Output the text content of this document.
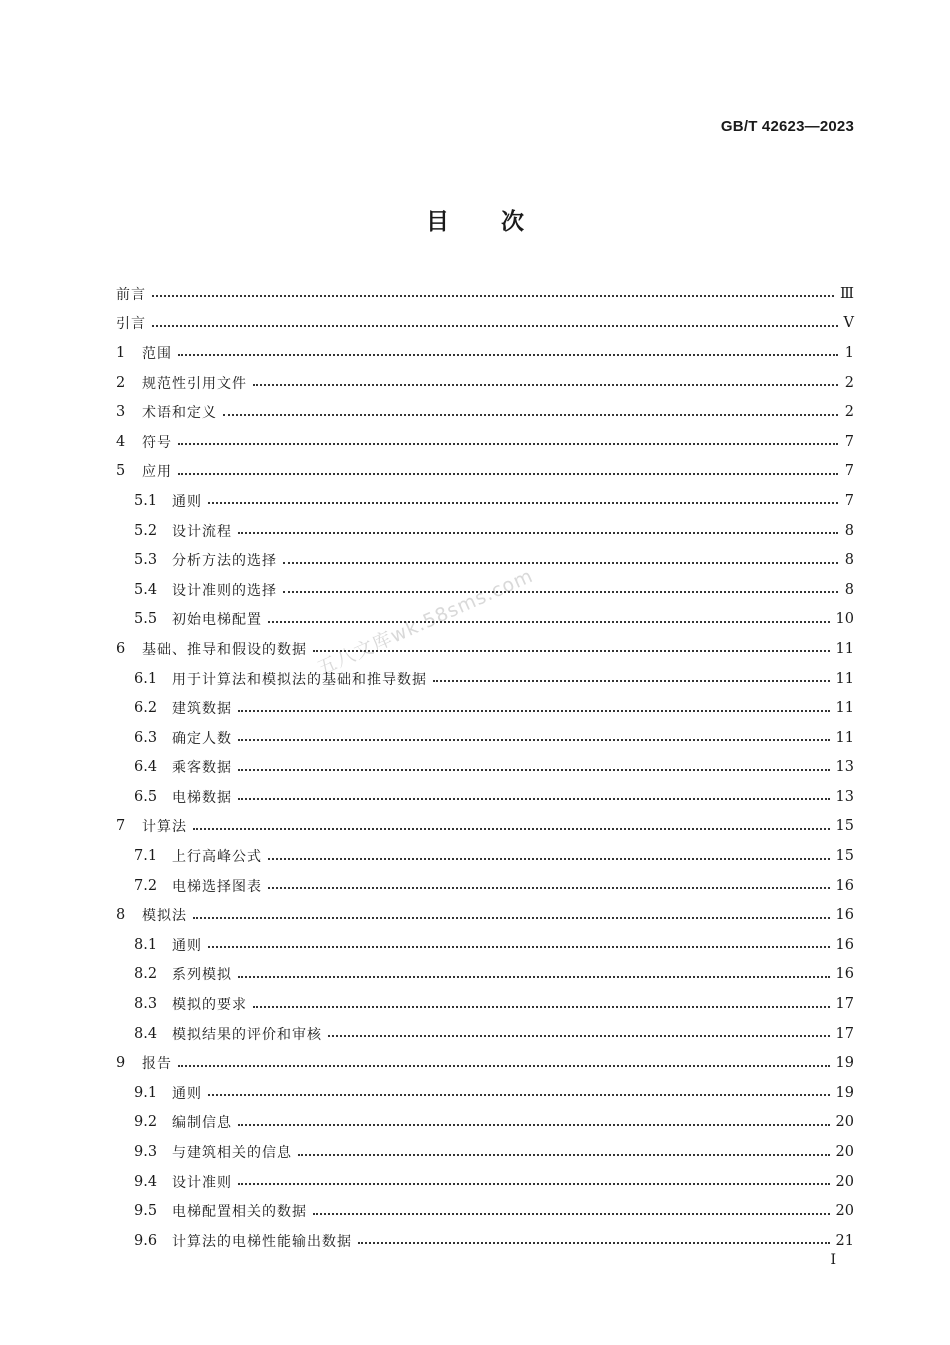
GB/T 42623—2023
目次
五八文库wk.58sms.com
前言	Ⅲ
引言	Ⅴ
1	范围	1
2	规范性引用文件	2
3	术语和定义	2
4	符号	7
5	应用	7
5.1	通则	7
5.2	设计流程	8
5.3	分析方法的选择	8
5.4	设计准则的选择	8
5.5	初始电梯配置	10
6	基础、推导和假设的数据	11
6.1	用于计算法和模拟法的基础和推导数据	11
6.2	建筑数据	11
6.3	确定人数	11
6.4	乘客数据	13
6.5	电梯数据	13
7	计算法	15
7.1	上行高峰公式	15
7.2	电梯选择图表	16
8	模拟法	16
8.1	通则	16
8.2	系列模拟	16
8.3	模拟的要求	17
8.4	模拟结果的评价和审核	17
9	报告	19
9.1	通则	19
9.2	编制信息	20
9.3	与建筑相关的信息	20
9.4	设计准则	20
9.5	电梯配置相关的数据	20
9.6	计算法的电梯性能输出数据	21
I
